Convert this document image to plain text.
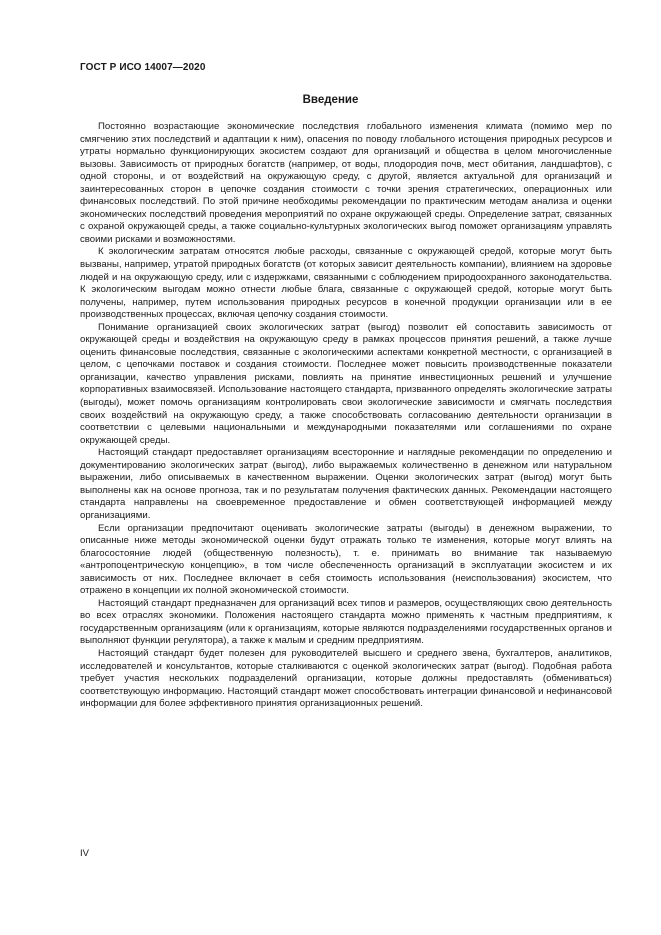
ГОСТ Р ИСО 14007—2020
Введение

Постоянно возрастающие экономические последствия глобального изменения климата (помимо мер по смягчению этих последствий и адаптации к ним), опасения по поводу глобального истощения природных ресурсов и утраты нормально функционирующих экосистем создают для организаций и общества в целом многочисленные вызовы. Зависимость от природных богатств (например, от воды, плодородия почв, мест обитания, ландшафтов), с одной стороны, и от воздействий на окружающую среду, с другой, является актуальной для организаций и заинтересованных сторон в цепочке создания стоимости с точки зрения стратегических, операционных или финансовых последствий. По этой причине необходимы рекомендации по практическим методам анализа и оценки экономических последствий проведения мероприятий по охране окружающей среды. Определение затрат, связанных с охраной окружающей среды, а также социально-культурных экологических выгод поможет организациям управлять своими рисками и возможностями.

К экологическим затратам относятся любые расходы, связанные с окружающей средой, которые могут быть вызваны, например, утратой природных богатств (от которых зависит деятельность компании), влиянием на здоровье людей и на окружающую среду, или с издержками, связанными с соблюдением природоохранного законодательства. К экологическим выгодам можно отнести любые блага, связанные с окружающей средой, которые могут быть получены, например, путем использования природных ресурсов в конечной продукции организации или в ее производственных процессах, включая цепочку создания стоимости.

Понимание организацией своих экологических затрат (выгод) позволит ей сопоставить зависимость от окружающей среды и воздействия на окружающую среду в рамках процессов принятия решений, а также лучше оценить финансовые последствия, связанные с экологическими аспектами конкретной местности, с организацией в целом, с цепочками поставок и создания стоимости. Последнее может повысить производственные показатели организации, качество управления рисками, повлиять на принятие инвестиционных решений и улучшение корпоративных взаимосвязей. Использование настоящего стандарта, призванного определять экологические затраты (выгоды), может помочь организациям контролировать свои экологические зависимости и смягчать последствия своих воздействий на окружающую среду, а также способствовать согласованию деятельности организации в соответствии с целевыми национальными и международными показателями или соглашениями по охране окружающей среды.

Настоящий стандарт предоставляет организациям всесторонние и наглядные рекомендации по определению и документированию экологических затрат (выгод), либо выражаемых количественно в денежном или натуральном выражении, либо описываемых в качественном выражении. Оценки экологических затрат (выгод) могут быть выполнены как на основе прогноза, так и по результатам получения фактических данных. Рекомендации настоящего стандарта направлены на своевременное предоставление и обмен соответствующей информацией между организациями.

Если организации предпочитают оценивать экологические затраты (выгоды) в денежном выражении, то описанные ниже методы экономической оценки будут отражать только те изменения, которые могут влиять на благосостояние людей (общественную полезность), т. е. принимать во внимание так называемую «антропоцентрическую концепцию», в том числе обеспеченность организаций в эксплуатации экосистем и их зависимость от них. Последнее включает в себя стоимость использования (неиспользования) экосистем, что отражено в концепции их полной экономической стоимости.

Настоящий стандарт предназначен для организаций всех типов и размеров, осуществляющих свою деятельность во всех отраслях экономики. Положения настоящего стандарта можно применять к частным предприятиям, к государственным организациям (или к организациям, которые являются подразделениями государственных органов и выполняют функции регулятора), а также к малым и средним предприятиям.

Настоящий стандарт будет полезен для руководителей высшего и среднего звена, бухгалтеров, аналитиков, исследователей и консультантов, которые сталкиваются с оценкой экологических затрат (выгод). Подобная работа требует участия нескольких подразделений организации, которые должны предоставлять (обмениваться) соответствующую информацию. Настоящий стандарт может способствовать интеграции финансовой и нефинансовой информации для более эффективного принятия организационных решений.

IV
